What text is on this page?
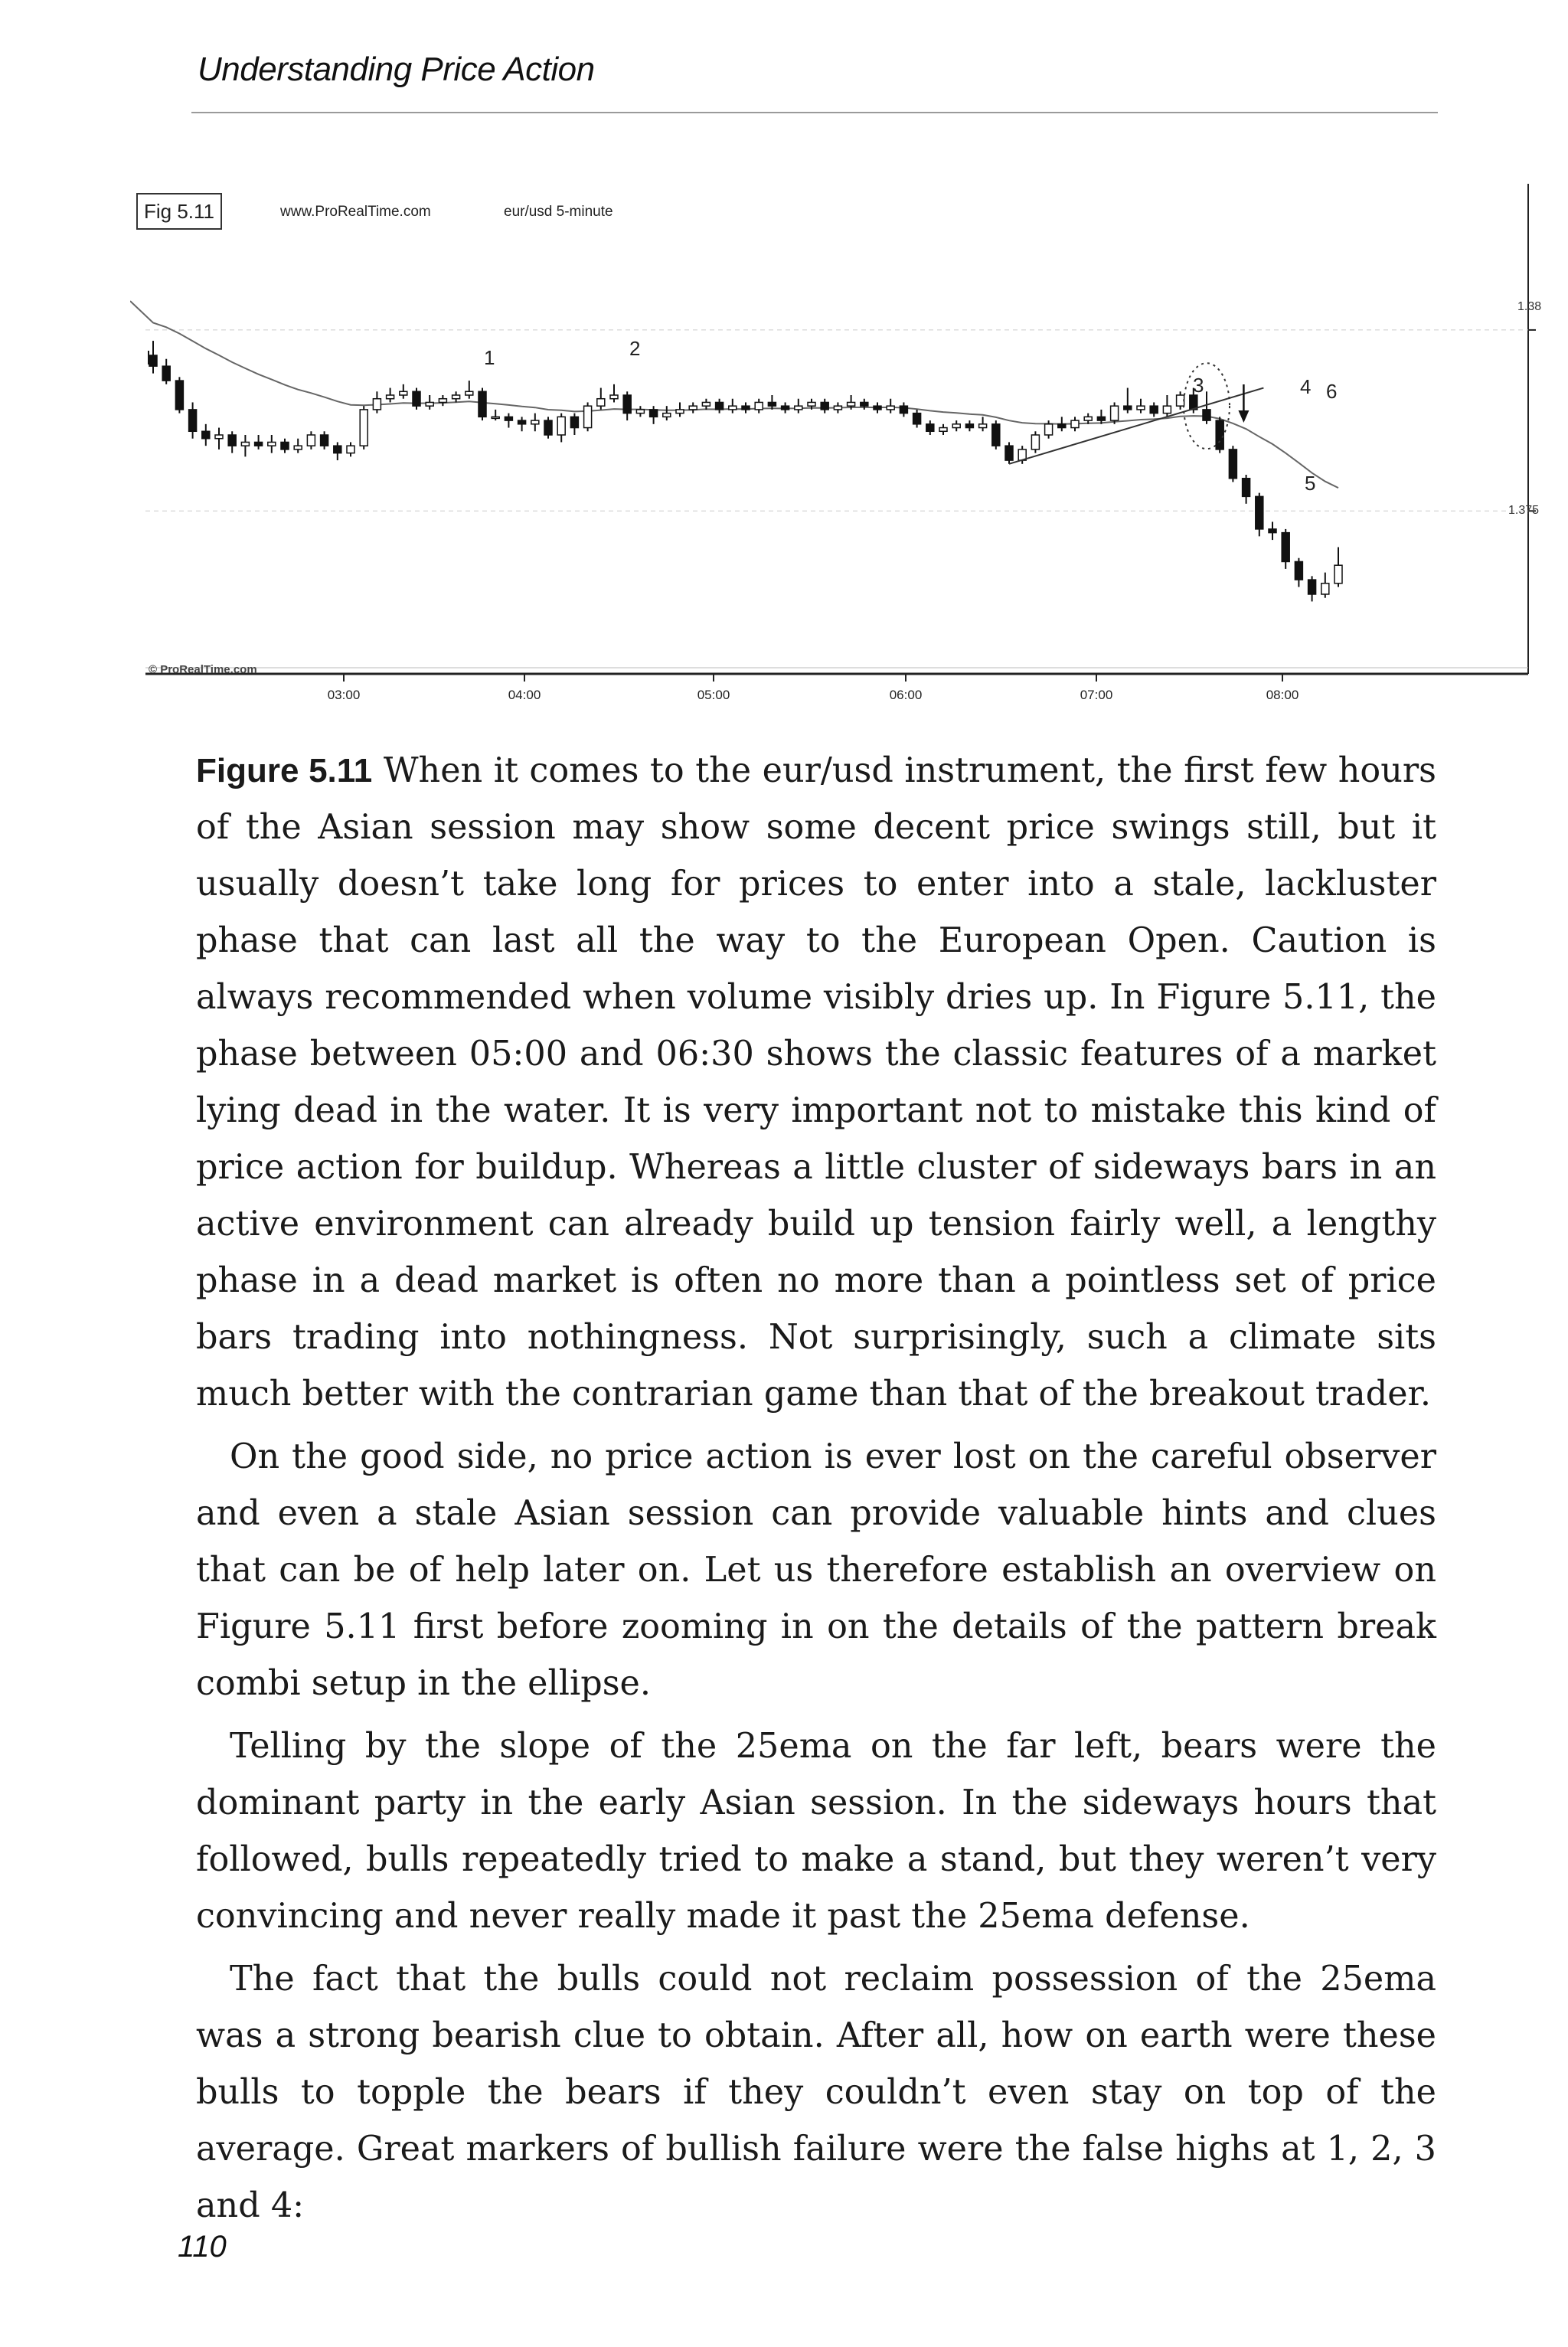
Understanding Price Action
Fig 5.11	www.ProRealTime.com	eur/usd 5-minute
© ProRealTime.com
1.38
1.375
03:00	04:00	05:00	06:00	07:00	08:00
1	2
3	4
5
6

Figure 5.11 When it comes to the eur/usd instrument, the first few hours of the Asian session may show some decent price swings still, but it usually doesn’t take long for prices to enter into a stale, lackluster phase that can last all the way to the European Open. Caution is always recommended when volume visibly dries up. In Figure 5.11, the phase between 05:00 and 06:30 shows the classic features of a market lying dead in the water. It is very important not to mistake this kind of price action for buildup. Whereas a little cluster of sideways bars in an active environment can already build up tension fairly well, a lengthy phase in a dead market is often no more than a pointless set of price bars trading into nothingness. Not surprisingly, such a climate sits much better with the contrarian game than that of the breakout trader.

On the good side, no price action is ever lost on the careful observer and even a stale Asian session can provide valuable hints and clues that can be of help later on. Let us therefore establish an overview on Figure 5.11 first before zooming in on the details of the pattern break combi setup in the ellipse.

Telling by the slope of the 25ema on the far left, bears were the dominant party in the early Asian session. In the sideways hours that followed, bulls repeatedly tried to make a stand, but they weren’t very convincing and never really made it past the 25ema defense.

The fact that the bulls could not reclaim possession of the 25ema was a strong bearish clue to obtain. After all, how on earth were these bulls to topple the bears if they couldn’t even stay on top of the average. Great markers of bullish failure were the false highs at 1, 2, 3 and 4:

110
